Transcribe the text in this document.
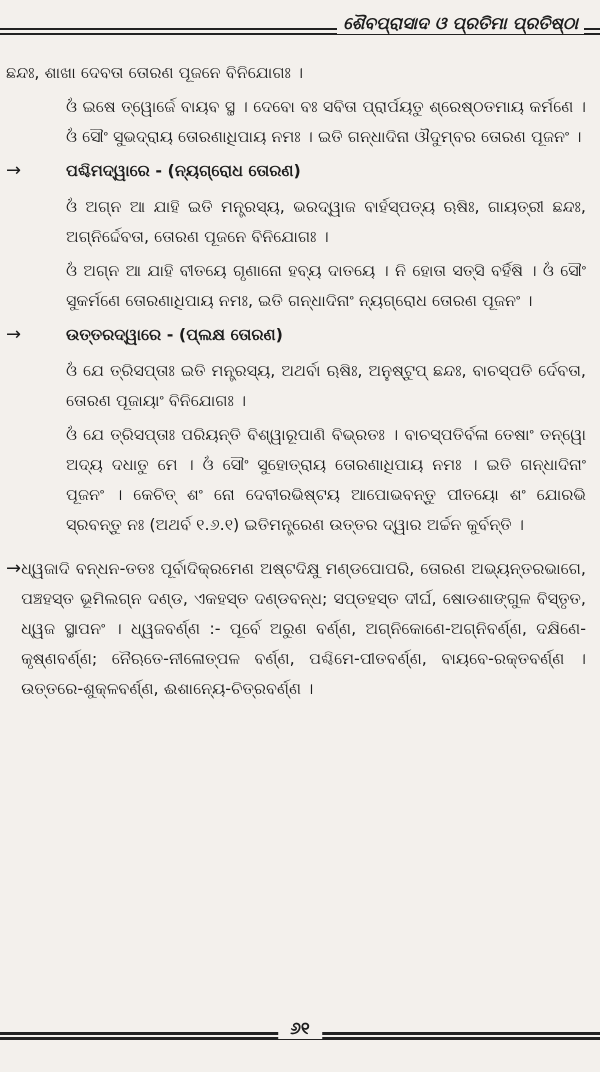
ଶୈବପ୍ରାସାଦ ଓ ପ୍ରତିମା ପ୍ରତିଷ୍ଠା

ଛନ୍ଦଃ, ଶାଖା ଦେବତା ତୋରଣ ପୂଜନେ ବିନିଯୋଗଃ ।

ଓଁ ଇଷେ ତ୍ୱୋର୍ଜେ ବାୟବ ସ୍ଥ । ଦେବୋ ବଃ ସବିତା ପ୍ରାର୍ପୟତୁ ଶ୍ରେଷ୍ଠତମାୟ କର୍ମଣେ । ଓଁ ସୌଂ ସୁଭଦ୍ରାୟ ତୋରଣାଧିପାୟ ନମଃ । ଇତି ଗନ୍ଧାଦିନା ଔଦୁମ୍ବର ତୋରଣ ପୂଜନଂ ।

→	ପଶ୍ଚିମଦ୍ୱାରେ - (ନ୍ୟଗ୍ରୋଧ ତୋରଣ)

ଓଁ ଅଗ୍ନ ଆ ଯାହି ଇତି ମନ୍ତ୍ରସ୍ୟ, ଭରଦ୍ୱାଜ ବାର୍ହସ୍ପତ୍ୟ ଋଷିଃ, ଗାୟତ୍ରୀ ଛନ୍ଦଃ, ଅଗ୍ନିର୍ଦ୍ଦେବତା, ତୋରଣ ପୂଜନେ ବିନିଯୋଗଃ ।

ଓଁ ଅଗ୍ନ ଆ ଯାହି ବୀତୟେ ଗୃଣାନୋ ହବ୍ୟ ଦାତୟେ । ନି ହୋତା ସତ୍ସି ବର୍ହିଷି । ଓଁ ସୌଂ ସୁକର୍ମଣେ ତୋରଣାଧିପାୟ ନମଃ, ଇତି ଗନ୍ଧାଦିନାଂ ନ୍ୟଗ୍ରୋଧ ତୋରଣ ପୂଜନଂ ।

→	ଉତ୍ତରଦ୍ୱାରେ - (ପ୍ଲକ୍ଷ ତୋରଣ)

ଓଁ ଯେ ତ୍ରିସପ୍ତାଃ ଇତି ମନ୍ତ୍ରସ୍ୟ, ଅଥର୍ବା ଋଷିଃ, ଅନୁଷ୍ଟୁପ୍ ଛନ୍ଦଃ, ବାଚସ୍ପତି ର୍ଦେବତା, ତୋରଣ ପୂଜାୟାଂ ବିନିଯୋଗଃ ।

ଓଁ ଯେ ତ୍ରିସପ୍ତାଃ ପରିୟନ୍ତି ବିଶ୍ୱାରୂପାଣି ବିଭ୍ରତଃ । ବାଚସ୍ପତିର୍ବଳା ତେଷାଂ ତନ୍ୱୋ ଅଦ୍ୟ ଦଧାତୁ ମେ । ଓଁ ସୌଂ ସୁହୋତ୍ରାୟ ତୋରଣାଧିପାୟ ନମଃ । ଇତି ଗନ୍ଧାଦିନାଂ ପୂଜନଂ । କେଚିତ୍ ଶଂ ନୋ ଦେବୀରଭିଷ୍ଟୟ ଆପୋଭବନ୍ତୁ ପୀତୟୋ ଶଂ ଯୋରଭି ସ୍ରବନ୍ତୁ ନଃ (ଅଥର୍ବ ୧.୬.୧) ଇତିମନ୍ତ୍ରେଣ ଉତ୍ତର ଦ୍ୱାର ଅର୍ଚ୍ଚନ କୁର୍ବନ୍ତି ।

→ ଧ୍ୱଜାଦି ବନ୍ଧନ-ତତଃ ପୂର୍ବାଦିକ୍ରମେଣ ଅଷ୍ଟଦିକ୍ଷୁ ମଣ୍ଡପୋପରି, ତୋରଣ ଅଭ୍ୟନ୍ତରଭାଗେ, ପଞ୍ଚହସ୍ତ ଭୂମିଲଗ୍ନ ଦଣ୍ଡ, ଏକହସ୍ତ ଦଣ୍ଡବନ୍ଧ; ସପ୍ତହସ୍ତ ଦୀର୍ଘ, ଷୋଡଶାଙ୍ଗୁଳ ବିସ୍ତୃତ, ଧ୍ୱଜ ସ୍ଥାପନଂ । ଧ୍ୱଜବର୍ଣ୍ଣ :- ପୂର୍ବେ ଅରୁଣ ବର୍ଣ୍ଣ, ଅଗ୍ନିକୋଣେ-ଅଗ୍ନିବର୍ଣ୍ଣ, ଦକ୍ଷିଣେ- କୃଷ୍ଣବର୍ଣ୍ଣ; ନୈଋତେ-ନୀଳୋତ୍ପଳ ବର୍ଣ୍ଣ, ପଶ୍ଚିମେ-ପୀତବର୍ଣ୍ଣ, ବାୟବେ-ରକ୍ତବର୍ଣ୍ଣ । ଉତ୍ତରେ-ଶୁକ୍ଳବର୍ଣ୍ଣ, ଈଶାନ୍ୟେ-ଚିତ୍ରବର୍ଣ୍ଣ ।

୬୧
